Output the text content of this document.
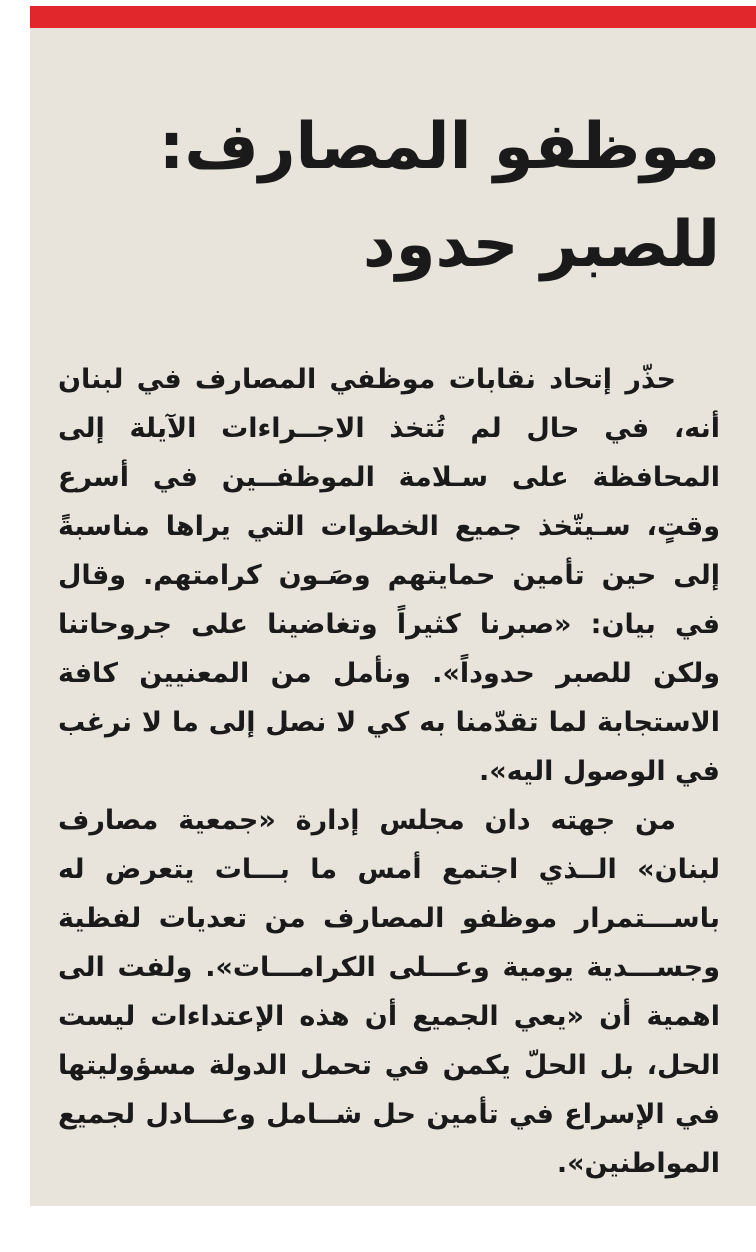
موظفو المصارف:
للصبر حدود

حذّر إتحاد نقابات موظفي المصارف في لبنان أنه، في حال لم تُتخذ الاجــراءات الآيلة إلى المحافظة على سـلامة الموظفــين في أسرع وقتٍ، سـيتّخذ جميع الخطوات التي يراها مناسبةً إلى حين تأمين حمايتهم وصَـون كرامتهم. وقال في بيان: «صبرنا كثيراً وتغاضينا على جروحاتنا ولكن للصبر حدوداً». ونأمل من المعنيين كافة الاستجابة لما تقدّمنا به كي لا نصل إلى ما لا نرغب في الوصول اليه».

من جهته دان مجلس إدارة «جمعية مصارف لبنان» الــذي اجتمع أمس ما بـــات يتعرض له باســـتمرار موظفو المصارف من تعديات لفظية وجســـدية يومية وعـــلى الكرامـــات». ولفت الى اهمية أن «يعي الجميع أن هذه الإعتداءات ليست الحل، بل الحلّ يكمن في تحمل الدولة مسؤوليتها في الإسراع في تأمين حل شــامل وعـــادل لجميع المواطنين».
